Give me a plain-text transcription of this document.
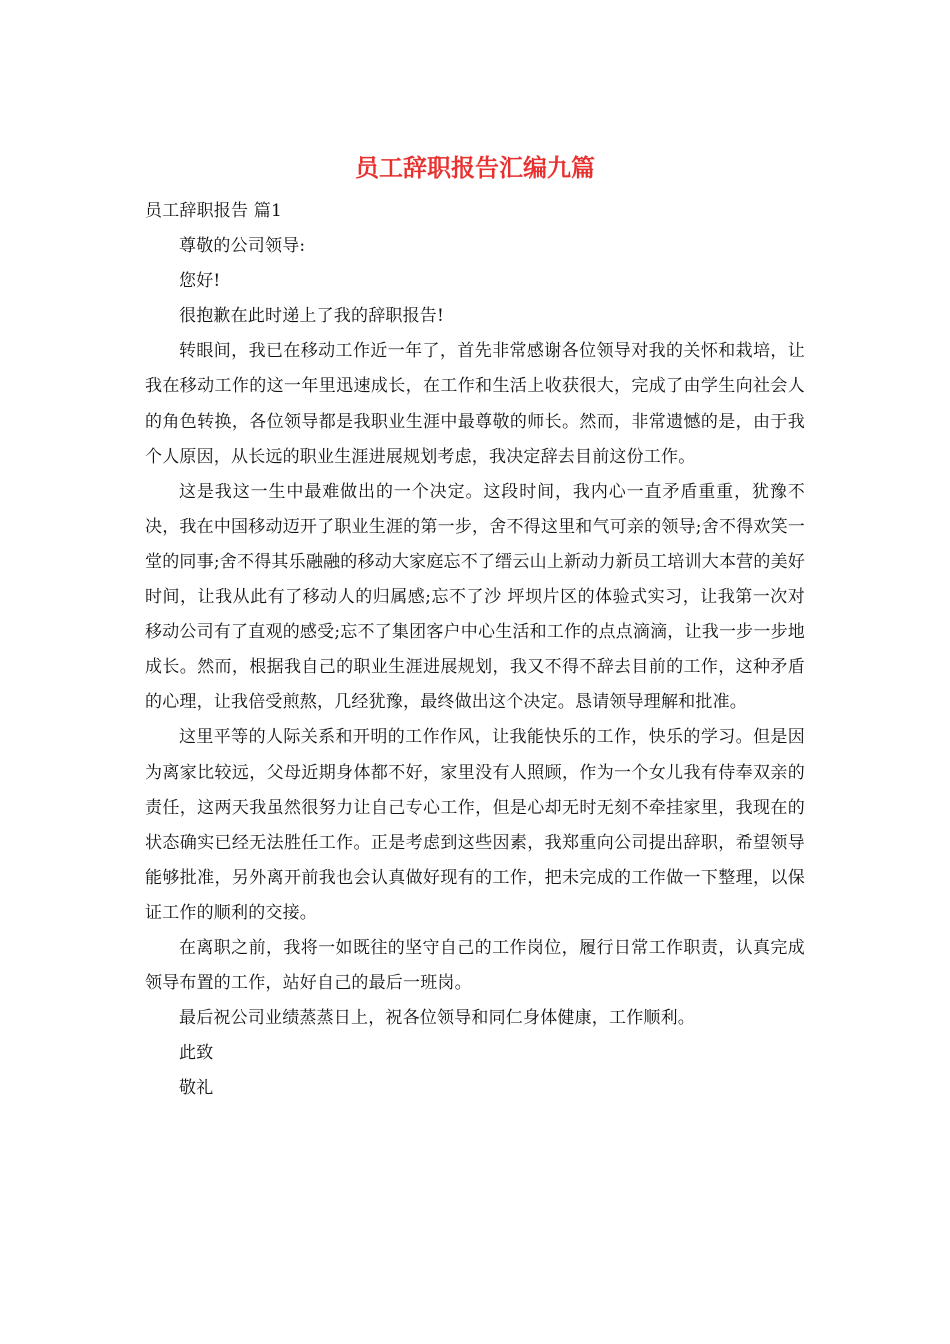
员工辞职报告汇编九篇

员工辞职报告 篇1

尊敬的公司领导:

您好!

很抱歉在此时递上了我的辞职报告!

转眼间，我已在移动工作近一年了，首先非常感谢各位领导对我的关怀和栽培，让我在移动工作的这一年里迅速成长，在工作和生活上收获很大，完成了由学生向社会人的角色转换，各位领导都是我职业生涯中最尊敬的师长。然而，非常遗憾的是，由于我个人原因，从长远的职业生涯进展规划考虑，我决定辞去目前这份工作。

这是我这一生中最难做出的一个决定。这段时间，我内心一直矛盾重重，犹豫不决，我在中国移动迈开了职业生涯的第一步，舍不得这里和气可亲的领导;舍不得欢笑一堂的同事;舍不得其乐融融的移动大家庭忘不了缙云山上新动力新员工培训大本营的美好时间，让我从此有了移动人的归属感;忘不了沙 坪坝片区的体验式实习，让我第一次对移动公司有了直观的感受;忘不了集团客户中心生活和工作的点点滴滴，让我一步一步地成长。然而，根据我自己的职业生涯进展规划，我又不得不辞去目前的工作，这种矛盾的心理，让我倍受煎熬，几经犹豫，最终做出这个决定。恳请领导理解和批准。

这里平等的人际关系和开明的工作作风，让我能快乐的工作，快乐的学习。但是因为离家比较远，父母近期身体都不好，家里没有人照顾，作为一个女儿我有侍奉双亲的责任，这两天我虽然很努力让自己专心工作，但是心却无时无刻不牵挂家里，我现在的状态确实已经无法胜任工作。正是考虑到这些因素，我郑重向公司提出辞职，希望领导能够批准，另外离开前我也会认真做好现有的工作，把未完成的工作做一下整理，以保证工作的顺利的交接。

在离职之前，我将一如既往的坚守自己的工作岗位，履行日常工作职责，认真完成领导布置的工作，站好自己的最后一班岗。

最后祝公司业绩蒸蒸日上，祝各位领导和同仁身体健康，工作顺利。

此致

敬礼
